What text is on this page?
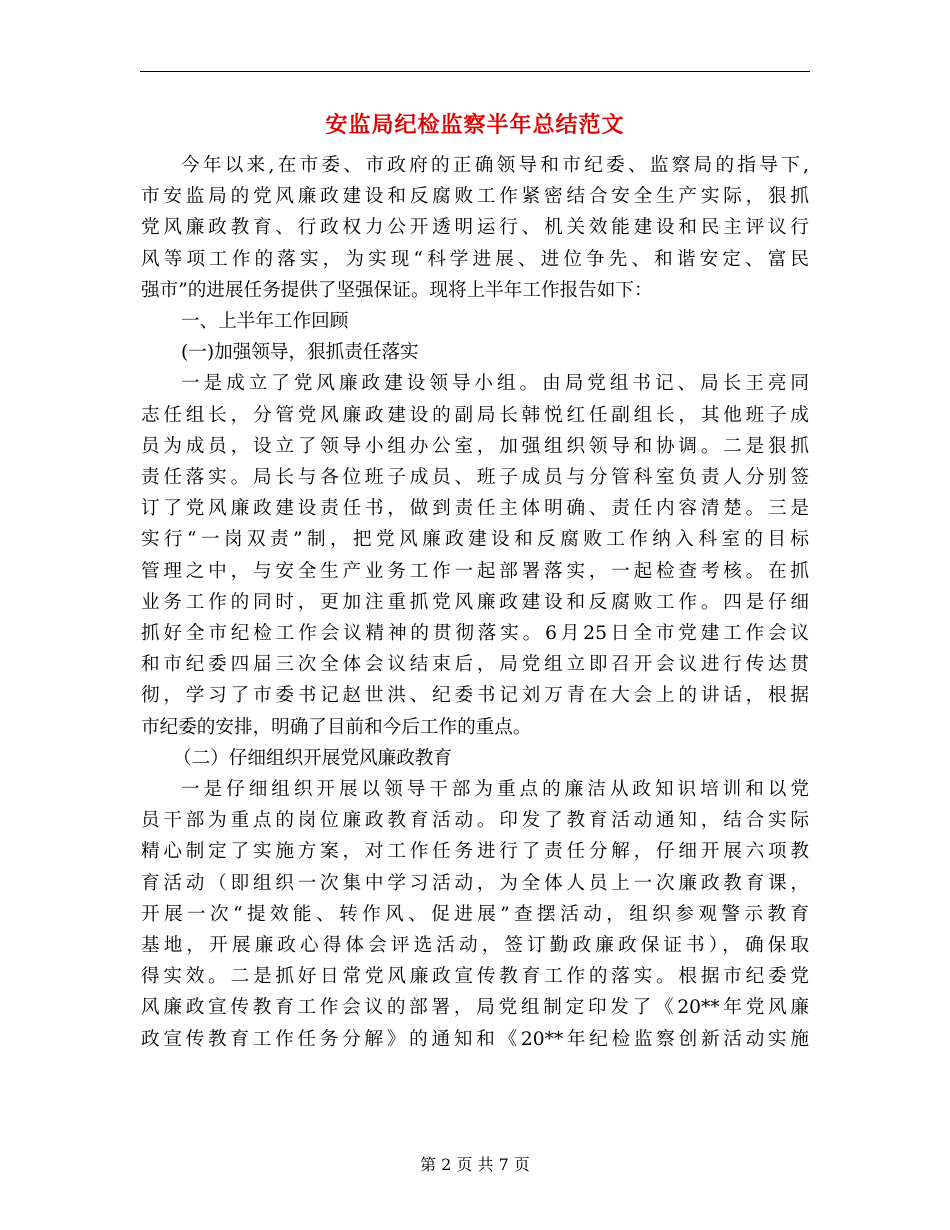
安监局纪检监察半年总结范文
今年以来,在市委、市政府的正确领导和市纪委、监察局的指导下,
市安监局的党风廉政建设和反腐败工作紧密结合安全生产实际，狠抓
党风廉政教育、行政权力公开透明运行、机关效能建设和民主评议行
风等项工作的落实，为实现“科学进展、进位争先、和谐安定、富民
强市”的进展任务提供了坚强保证。现将上半年工作报告如下：
一、上半年工作回顾
(一)加强领导，狠抓责任落实
一是成立了党风廉政建设领导小组。由局党组书记、局长王亮同
志任组长，分管党风廉政建设的副局长韩悦红任副组长，其他班子成
员为成员，设立了领导小组办公室，加强组织领导和协调。二是狠抓
责任落实。局长与各位班子成员、班子成员与分管科室负责人分别签
订了党风廉政建设责任书，做到责任主体明确、责任内容清楚。三是
实行“一岗双责”制，把党风廉政建设和反腐败工作纳入科室的目标
管理之中，与安全生产业务工作一起部署落实，一起检查考核。在抓
业务工作的同时，更加注重抓党风廉政建设和反腐败工作。四是仔细
抓好全市纪检工作会议精神的贯彻落实。6月25日全市党建工作会议
和市纪委四届三次全体会议结束后，局党组立即召开会议进行传达贯
彻，学习了市委书记赵世洪、纪委书记刘万青在大会上的讲话，根据
市纪委的安排，明确了目前和今后工作的重点。
（二）仔细组织开展党风廉政教育
一是仔细组织开展以领导干部为重点的廉洁从政知识培训和以党
员干部为重点的岗位廉政教育活动。印发了教育活动通知，结合实际
精心制定了实施方案，对工作任务进行了责任分解，仔细开展六项教
育活动（即组织一次集中学习活动，为全体人员上一次廉政教育课，
开展一次“提效能、转作风、促进展”查摆活动，组织参观警示教育
基地，开展廉政心得体会评选活动，签订勤政廉政保证书），确保取
得实效。二是抓好日常党风廉政宣传教育工作的落实。根据市纪委党
风廉政宣传教育工作会议的部署，局党组制定印发了《20**年党风廉
政宣传教育工作任务分解》的通知和《20**年纪检监察创新活动实施
第 2 页 共 7 页
